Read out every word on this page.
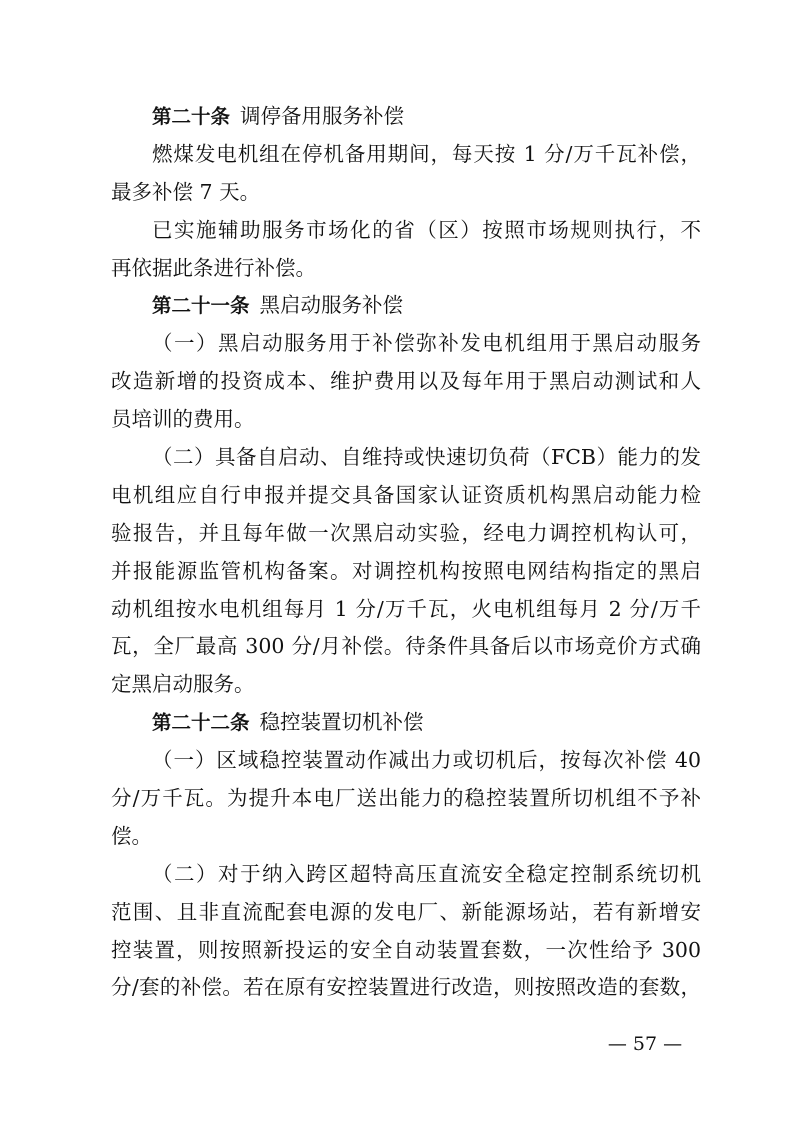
第二十条 调停备用服务补偿
燃煤发电机组在停机备用期间，每天按 1 分/万千瓦补偿，
最多补偿 7 天。
已实施辅助服务市场化的省（区）按照市场规则执行，不
再依据此条进行补偿。
第二十一条 黑启动服务补偿
（一）黑启动服务用于补偿弥补发电机组用于黑启动服务
改造新增的投资成本、维护费用以及每年用于黑启动测试和人
员培训的费用。
（二）具备自启动、自维持或快速切负荷（FCB）能力的发
电机组应自行申报并提交具备国家认证资质机构黑启动能力检
验报告，并且每年做一次黑启动实验，经电力调控机构认可，
并报能源监管机构备案。对调控机构按照电网结构指定的黑启
动机组按水电机组每月 1 分/万千瓦，火电机组每月 2 分/万千
瓦，全厂最高 300 分/月补偿。待条件具备后以市场竞价方式确
定黑启动服务。
第二十二条 稳控装置切机补偿
（一）区域稳控装置动作减出力或切机后，按每次补偿 40
分/万千瓦。为提升本电厂送出能力的稳控装置所切机组不予补
偿。
（二）对于纳入跨区超特高压直流安全稳定控制系统切机
范围、且非直流配套电源的发电厂、新能源场站，若有新增安
控装置，则按照新投运的安全自动装置套数，一次性给予 300
分/套的补偿。若在原有安控装置进行改造，则按照改造的套数，
— 57 —
